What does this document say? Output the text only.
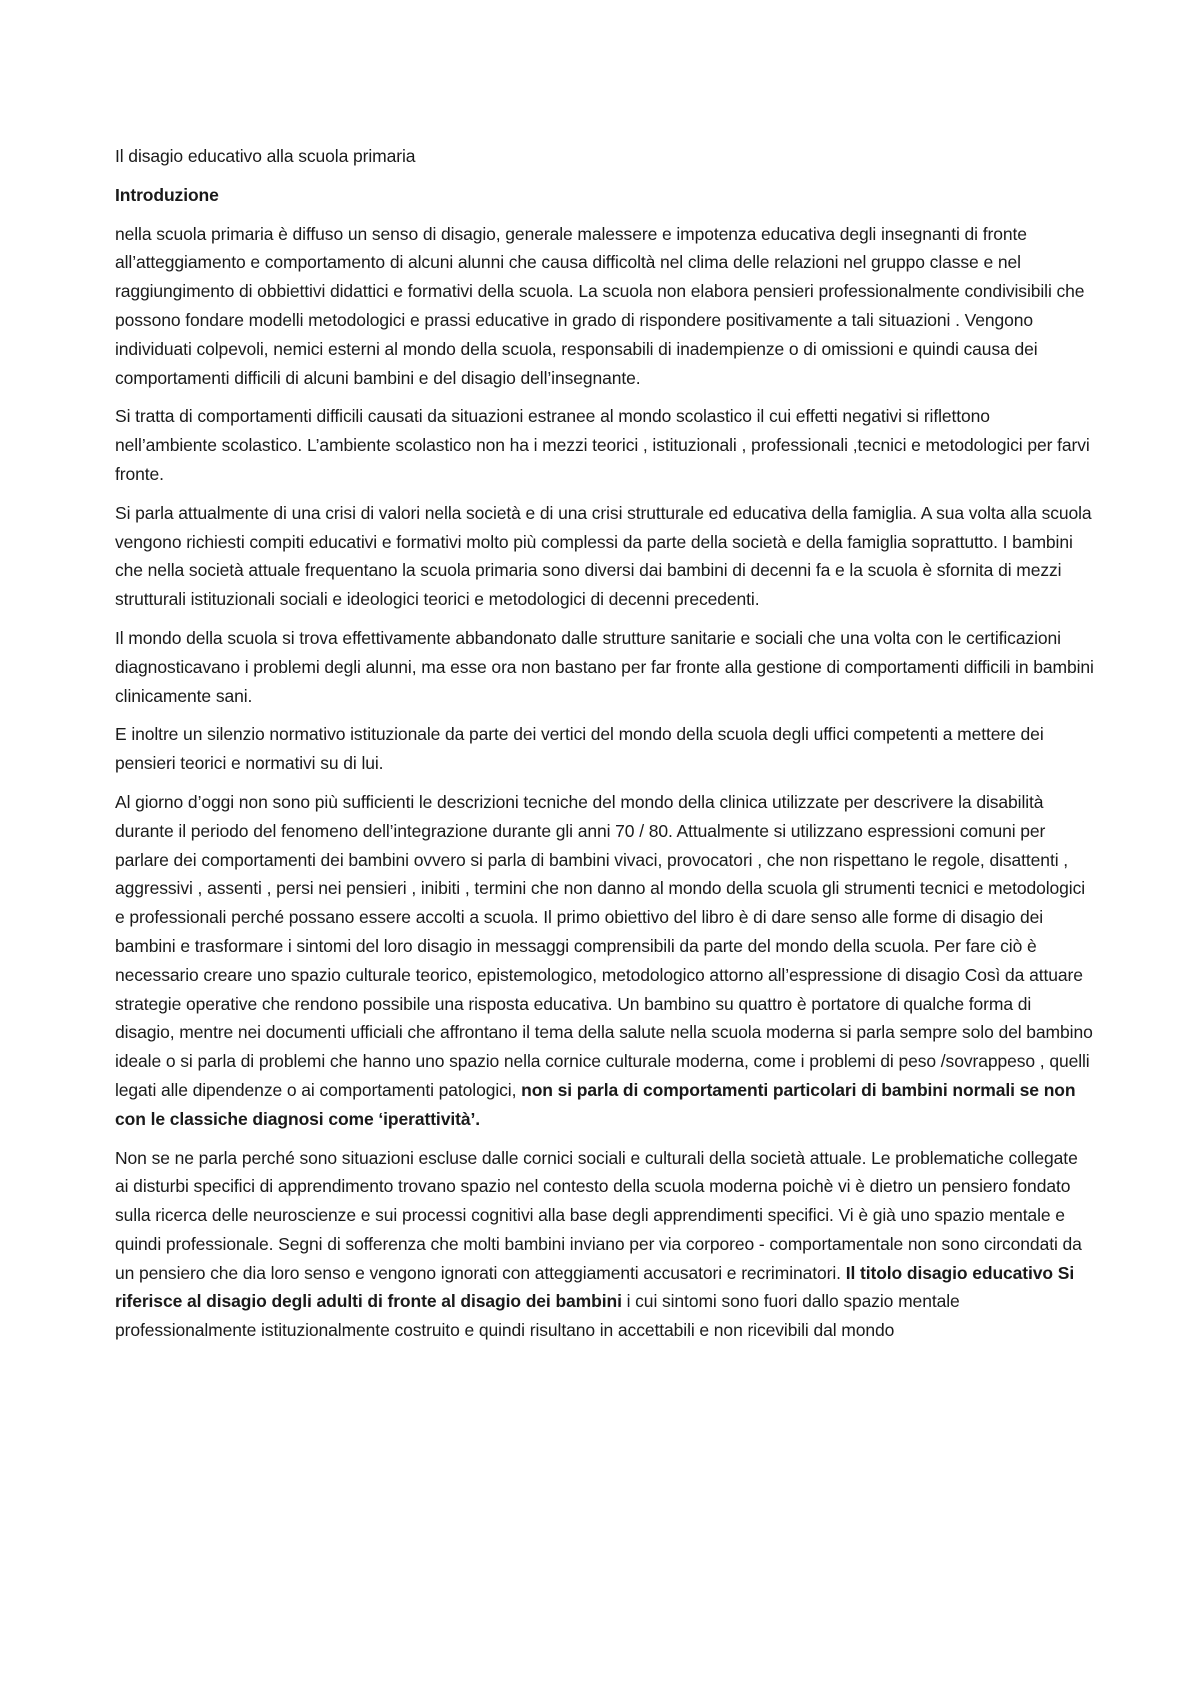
Il disagio educativo alla scuola primaria

Introduzione

nella scuola primaria è diffuso un senso di disagio, generale malessere e impotenza educativa degli insegnanti di fronte all’atteggiamento e comportamento di alcuni alunni che causa difficoltà nel clima delle relazioni nel gruppo classe e nel raggiungimento di obbiettivi didattici e formativi della scuola. La scuola non elabora pensieri professionalmente condivisibili che possono fondare modelli metodologici e prassi educative in grado di rispondere positivamente a tali situazioni . Vengono individuati colpevoli, nemici esterni al mondo della scuola, responsabili di inadempienze o di omissioni e quindi causa dei comportamenti difficili di alcuni bambini e del disagio dell’insegnante.

Si tratta di comportamenti difficili causati da situazioni estranee al mondo scolastico il cui effetti negativi si riflettono nell’ambiente scolastico. L’ambiente scolastico non ha i mezzi teorici , istituzionali , professionali ,tecnici e metodologici per farvi fronte.

Si parla attualmente di una crisi di valori nella società e di una crisi strutturale ed educativa della famiglia. A sua volta alla scuola vengono richiesti compiti educativi e formativi molto più complessi da parte della società e della famiglia soprattutto. I bambini che nella società attuale frequentano la scuola primaria sono diversi dai bambini di decenni fa e la scuola è sfornita di mezzi strutturali istituzionali sociali e ideologici teorici e metodologici di decenni precedenti.

Il mondo della scuola si trova effettivamente abbandonato dalle strutture sanitarie e sociali che una volta con le certificazioni diagnosticavano i problemi degli alunni, ma esse ora non bastano per far fronte alla gestione di comportamenti difficili in bambini clinicamente sani.

E inoltre un silenzio normativo istituzionale da parte dei vertici del mondo della scuola degli uffici competenti a mettere dei pensieri teorici e normativi su di lui.

Al giorno d’oggi non sono più sufficienti le descrizioni tecniche del mondo della clinica utilizzate per descrivere la disabilità durante il periodo del fenomeno dell’integrazione durante gli anni 70 / 80. Attualmente si utilizzano espressioni comuni per parlare dei comportamenti dei bambini ovvero si parla di bambini vivaci, provocatori , che non rispettano le regole, disattenti , aggressivi , assenti , persi nei pensieri , inibiti , termini che non danno al mondo della scuola gli strumenti tecnici e metodologici e professionali perché possano essere accolti a scuola. Il primo obiettivo del libro è di dare senso alle forme di disagio dei bambini e trasformare i sintomi del loro disagio in messaggi comprensibili da parte del mondo della scuola. Per fare ciò è necessario creare uno spazio culturale teorico, epistemologico, metodologico attorno all’espressione di disagio Così da attuare strategie operative che rendono possibile una risposta educativa. Un bambino su quattro è portatore di qualche forma di disagio, mentre nei documenti ufficiali che affrontano il tema della salute nella scuola moderna si parla sempre solo del bambino ideale o si parla di problemi che hanno uno spazio nella cornice culturale moderna, come i problemi di peso /sovrappeso , quelli legati alle dipendenze o ai comportamenti patologici, non si parla di comportamenti particolari di bambini normali se non con le classiche diagnosi come ‘iperattività’.

Non se ne parla perché sono situazioni escluse dalle cornici sociali e culturali della società attuale. Le problematiche collegate ai disturbi specifici di apprendimento trovano spazio nel contesto della scuola moderna poichè vi è dietro un pensiero fondato sulla ricerca delle neuroscienze e sui processi cognitivi alla base degli apprendimenti specifici. Vi è già uno spazio mentale e quindi professionale. Segni di sofferenza che molti bambini inviano per via corporeo - comportamentale non sono circondati da un pensiero che dia loro senso e vengono ignorati con atteggiamenti accusatori e recriminatori. Il titolo disagio educativo Si riferisce al disagio degli adulti di fronte al disagio dei bambini i cui sintomi sono fuori dallo spazio mentale professionalmente istituzionalmente costruito e quindi risultano in accettabili e non ricevibili dal mondo
